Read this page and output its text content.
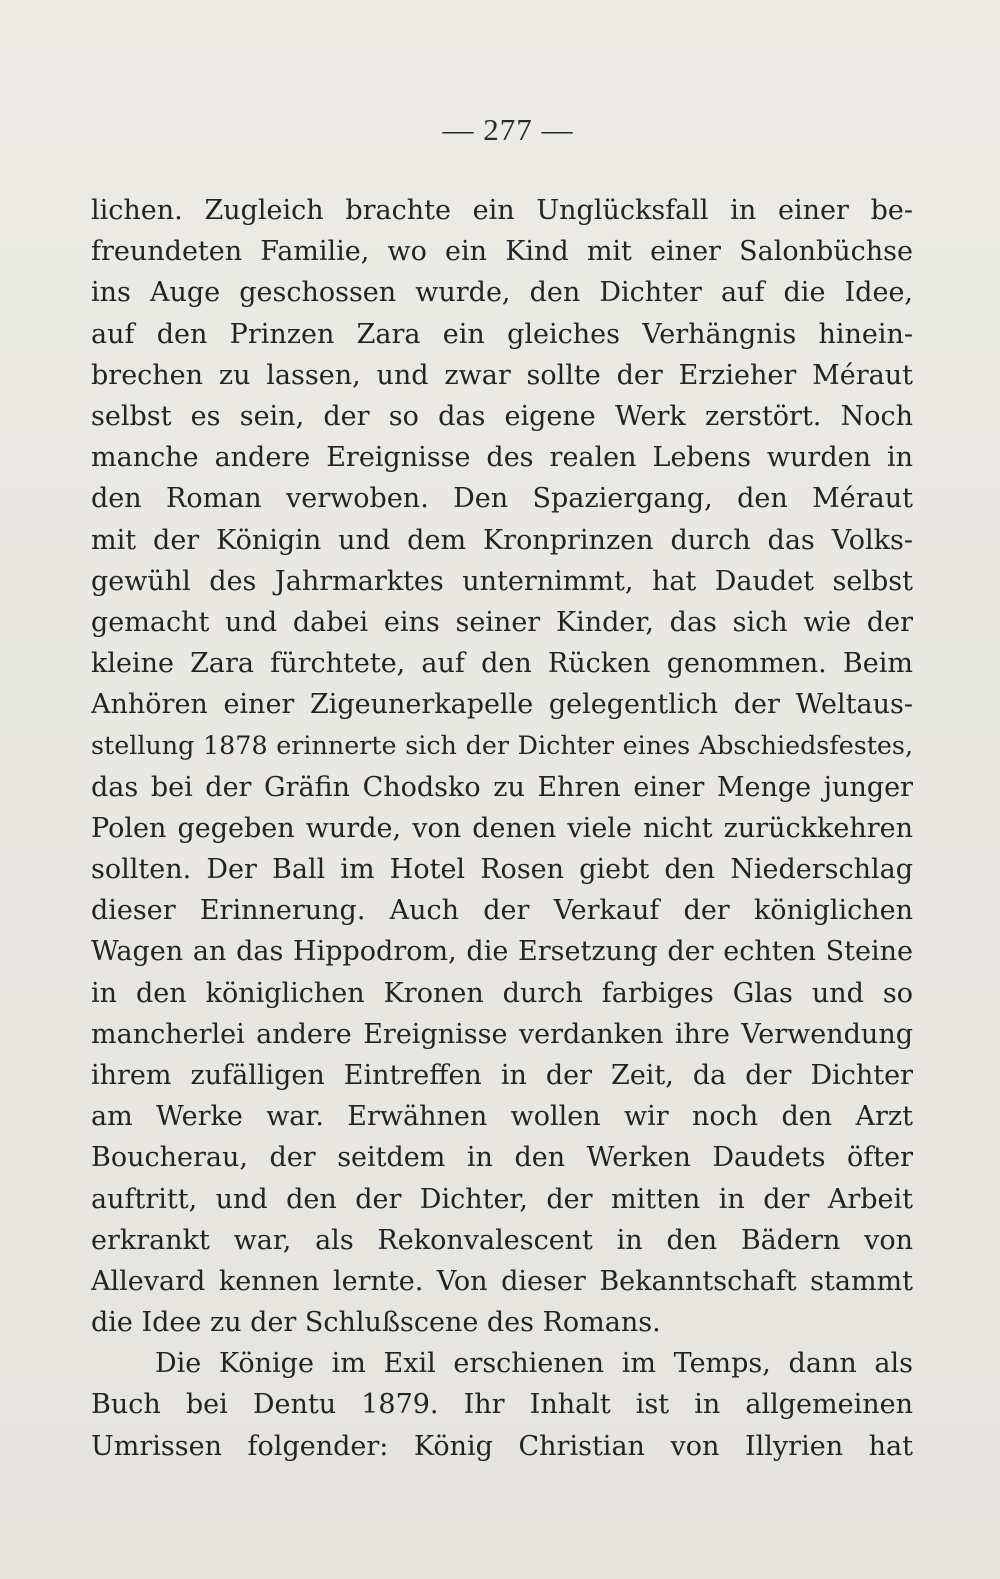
— 277 —
lichen. Zugleich brachte ein Unglücksfall in einer be-
freundeten Familie, wo ein Kind mit einer Salonbüchse
ins Auge geschossen wurde, den Dichter auf die Idee,
auf den Prinzen Zara ein gleiches Verhängnis hinein-
brechen zu lassen, und zwar sollte der Erzieher Méraut
selbst es sein, der so das eigene Werk zerstört. Noch
manche andere Ereignisse des realen Lebens wurden in
den Roman verwoben. Den Spaziergang, den Méraut
mit der Königin und dem Kronprinzen durch das Volks-
gewühl des Jahrmarktes unternimmt, hat Daudet selbst
gemacht und dabei eins seiner Kinder, das sich wie der
kleine Zara fürchtete, auf den Rücken genommen. Beim
Anhören einer Zigeunerkapelle gelegentlich der Weltaus-
stellung 1878 erinnerte sich der Dichter eines Abschiedsfestes,
das bei der Gräfin Chodsko zu Ehren einer Menge junger
Polen gegeben wurde, von denen viele nicht zurückkehren
sollten. Der Ball im Hotel Rosen giebt den Niederschlag
dieser Erinnerung. Auch der Verkauf der königlichen
Wagen an das Hippodrom, die Ersetzung der echten Steine
in den königlichen Kronen durch farbiges Glas und so
mancherlei andere Ereignisse verdanken ihre Verwendung
ihrem zufälligen Eintreffen in der Zeit, da der Dichter
am Werke war. Erwähnen wollen wir noch den Arzt
Boucherau, der seitdem in den Werken Daudets öfter
auftritt, und den der Dichter, der mitten in der Arbeit
erkrankt war, als Rekonvalescent in den Bädern von
Allevard kennen lernte. Von dieser Bekanntschaft stammt
die Idee zu der Schlußscene des Romans.
Die Könige im Exil erschienen im Temps, dann als
Buch bei Dentu 1879. Ihr Inhalt ist in allgemeinen
Umrissen folgender: König Christian von Illyrien hat
